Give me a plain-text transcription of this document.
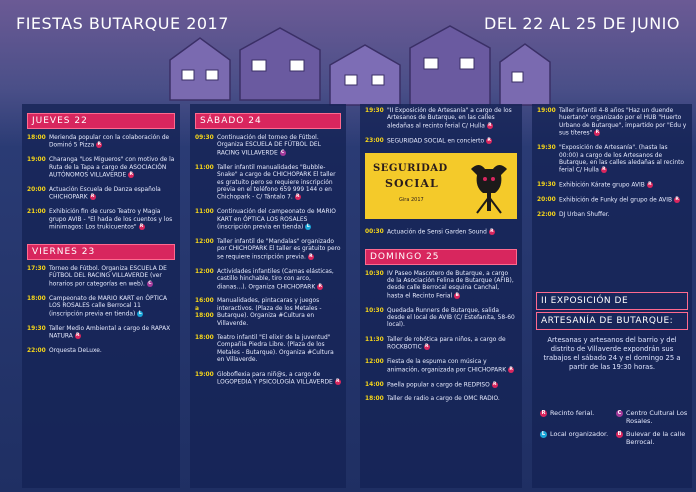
FIESTAS BUTARQUE 2017	DEL 22 AL 25 DE JUNIO
JUEVES 22
18:00 Merienda popular con la colaboración de Dominó 5 Pizza R
19:00 Charanga "Los Migueros" con motivo de la Ruta de la Tapa a cargo de ASOCIACIÓN AUTÓNOMOS VILLAVERDE R
20:00 Actuación Escuela de Danza española CHICHOPARK R
21:00 Exhibición fin de curso Teatro y Magia grupo AVIB - "El hada de los cuentos y los minimagos: Los trukicuentos" R
VIERNES 23
17:30 Torneo de Fútbol. Organiza ESCUELA DE FÚTBOL DEL RACING VILLAVERDE (ver horarios por categorías en web). C
18:00 Campeonato de MARIO KART en ÓPTICA LOS ROSALES calle Berrocal 11 (inscripción previa en tienda) L
19:30 Taller Medio Ambiental a cargo de RAPAX NATURA R
22:00 Orquesta DeLuxe.
SÁBADO 24
09:30 Continuación del torneo de Fútbol. Organiza ESCUELA DE FÚTBOL DEL RACING VILLAVERDE C
11:00 Taller infantil manualidades "Bubble-Snake" a cargo de CHICHOPARK El taller es gratuito pero se requiere inscripción previa en el teléfono 659 999 144 o en Chichopark - C/ Tántalo 7. R
11:00 Continuación del campeonato de MARIO KART en ÓPTICA LOS ROSALES (inscripción previa en tienda) L
12:00 Taller infantil de "Mandalas" organizado por CHICHOPARK El taller es gratuito pero se requiere inscripción previa. R
12:00 Actividades infantiles (Camas elásticas, castillo hinchable, tiro con arco, dianas…). Organiza CHICHOPARK R
16:00 a 18:00
Manualidades, pintacaras y juegos interactivos. (Plaza de los Metales - Butarque). Organiza #Cultura en Villaverde.
18:00 Teatro infantil "El elixir de la juventud" Compañía Piedra Libre. (Plaza de los Metales - Butarque). Organiza #Cultura en Villaverde.
19:00 Globoflexia para niñ@s, a cargo de LOGOPEDIA Y PSICOLOGÍA VILLAVERDE R
19:30 "II Exposición de Artesanía" a cargo de los Artesanos de Butarque, en las calles aledañas al recinto ferial C/ Hulla R
23:00 SEGURIDAD SOCIAL en concierto R
SEGURIDAD
SOCIAL
Gira 2017
00:30 Actuación de Sensi Garden Sound R
DOMINGO 25
10:30 IV Paseo Mascotero de Butarque, a cargo de la Asociación Felina de Butarque (AFIB), desde calle Berrocal esquina Canchal, hasta el Recinto Ferial B
10:30 Quedada Runners de Butarque, salida desde el local de AVIB (C/ Estefanita, 58-60 local).
11:30 Taller de robótica para niños, a cargo de ROCKBOTIC R
12:00 Fiesta de la espuma con música y animación, organizada por CHICHOPARK R
14:00 Paella popular a cargo de REDPISO R
18:00 Taller de radio a cargo de OMC RADIO.
19:00 Taller infantil 4-8 años "Haz un duende huertano" organizado por el HUB "Huerto Urbano de Butarque", impartido por "Edu y sus títeres" R
19:30 "Exposición de Artesanía". (hasta las 00:00) a cargo de los Artesanos de Butarque, en las calles aledañas al recinto ferial C/ Hulla R
19:30 Exhibición Kárate grupo AVIB R
20:00 Exhibición de Funky del grupo de AVIB R
22:00 DJ Urban Shuffer.
II EXPOSICIÓN DE
ARTESANÍA DE BUTARQUE:
Artesanas y artesanos del barrio y del distrito de Villaverde expondrán sus trabajos el sábado 24 y el domingo 25 a partir de las 19:30 horas.
R Recinto ferial.	C Centro Cultural Los Rosales.
L Local organizador.	B Bulevar de la calle Berrocal.
